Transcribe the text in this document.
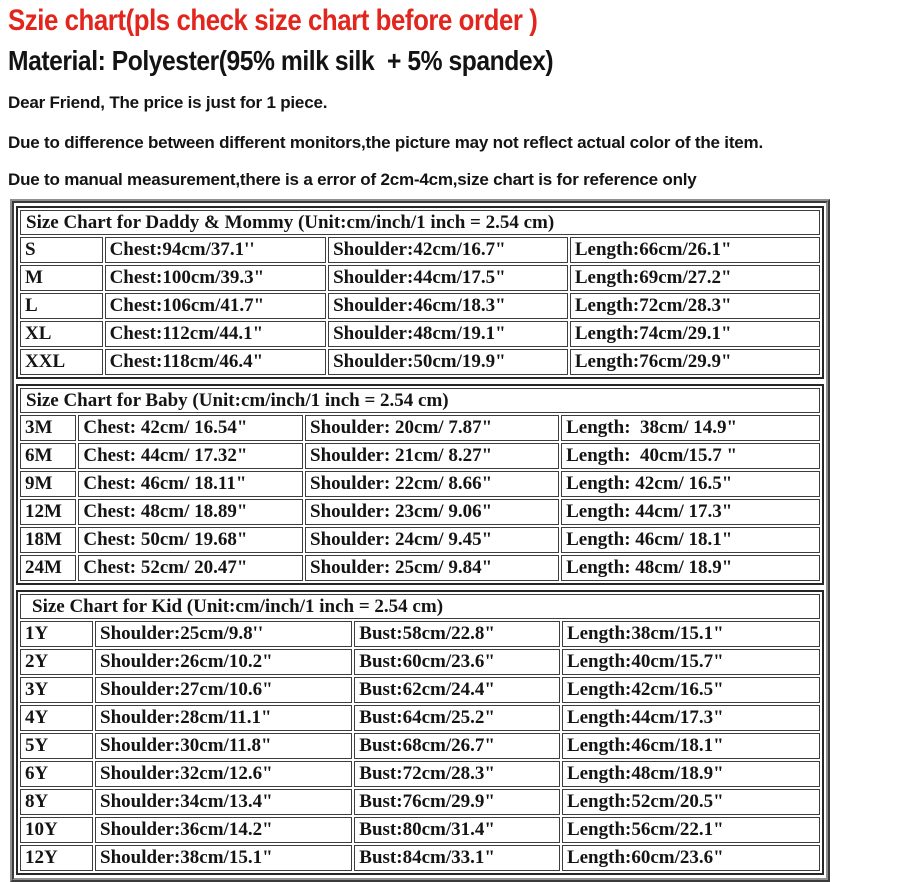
Szie chart(pls check size chart before order )
Material: Polyester(95% milk silk  + 5% spandex)
Dear Friend, The price is just for 1 piece.
Due to difference between different monitors,the picture may not reflect actual color of the item.
Due to manual measurement,there is a error of 2cm-4cm,size chart is for reference only
Size Chart for Daddy & Mommy (Unit:cm/inch/1 inch = 2.54 cm)			
S	Chest:94cm/37.1''	Shoulder:42cm/16.7"	Length:66cm/26.1"
M	Chest:100cm/39.3"	Shoulder:44cm/17.5"	Length:69cm/27.2"
L	Chest:106cm/41.7"	Shoulder:46cm/18.3"	Length:72cm/28.3"
XL	Chest:112cm/44.1"	Shoulder:48cm/19.1"	Length:74cm/29.1"
XXL	Chest:118cm/46.4"	Shoulder:50cm/19.9"	Length:76cm/29.9"
Size Chart for Baby (Unit:cm/inch/1 inch = 2.54 cm)			
3M	Chest: 42cm/ 16.54"	Shoulder: 20cm/ 7.87"	Length:  38cm/ 14.9"
6M	Chest: 44cm/ 17.32"	Shoulder: 21cm/ 8.27"	Length:  40cm/15.7 "
9M	Chest: 46cm/ 18.11"	Shoulder: 22cm/ 8.66"	Length: 42cm/ 16.5"
12M	Chest: 48cm/ 18.89"	Shoulder: 23cm/ 9.06"	Length: 44cm/ 17.3"
18M	Chest: 50cm/ 19.68"	Shoulder: 24cm/ 9.45"	Length: 46cm/ 18.1"
24M	Chest: 52cm/ 20.47"	Shoulder: 25cm/ 9.84"	Length: 48cm/ 18.9"
Size Chart for Kid (Unit:cm/inch/1 inch = 2.54 cm)			
1Y	Shoulder:25cm/9.8''	Bust:58cm/22.8"	Length:38cm/15.1"
2Y	Shoulder:26cm/10.2"	Bust:60cm/23.6"	Length:40cm/15.7"
3Y	Shoulder:27cm/10.6"	Bust:62cm/24.4"	Length:42cm/16.5"
4Y	Shoulder:28cm/11.1"	Bust:64cm/25.2"	Length:44cm/17.3"
5Y	Shoulder:30cm/11.8"	Bust:68cm/26.7"	Length:46cm/18.1"
6Y	Shoulder:32cm/12.6"	Bust:72cm/28.3"	Length:48cm/18.9"
8Y	Shoulder:34cm/13.4"	Bust:76cm/29.9"	Length:52cm/20.5"
10Y	Shoulder:36cm/14.2"	Bust:80cm/31.4"	Length:56cm/22.1"
12Y	Shoulder:38cm/15.1"	Bust:84cm/33.1"	Length:60cm/23.6"
